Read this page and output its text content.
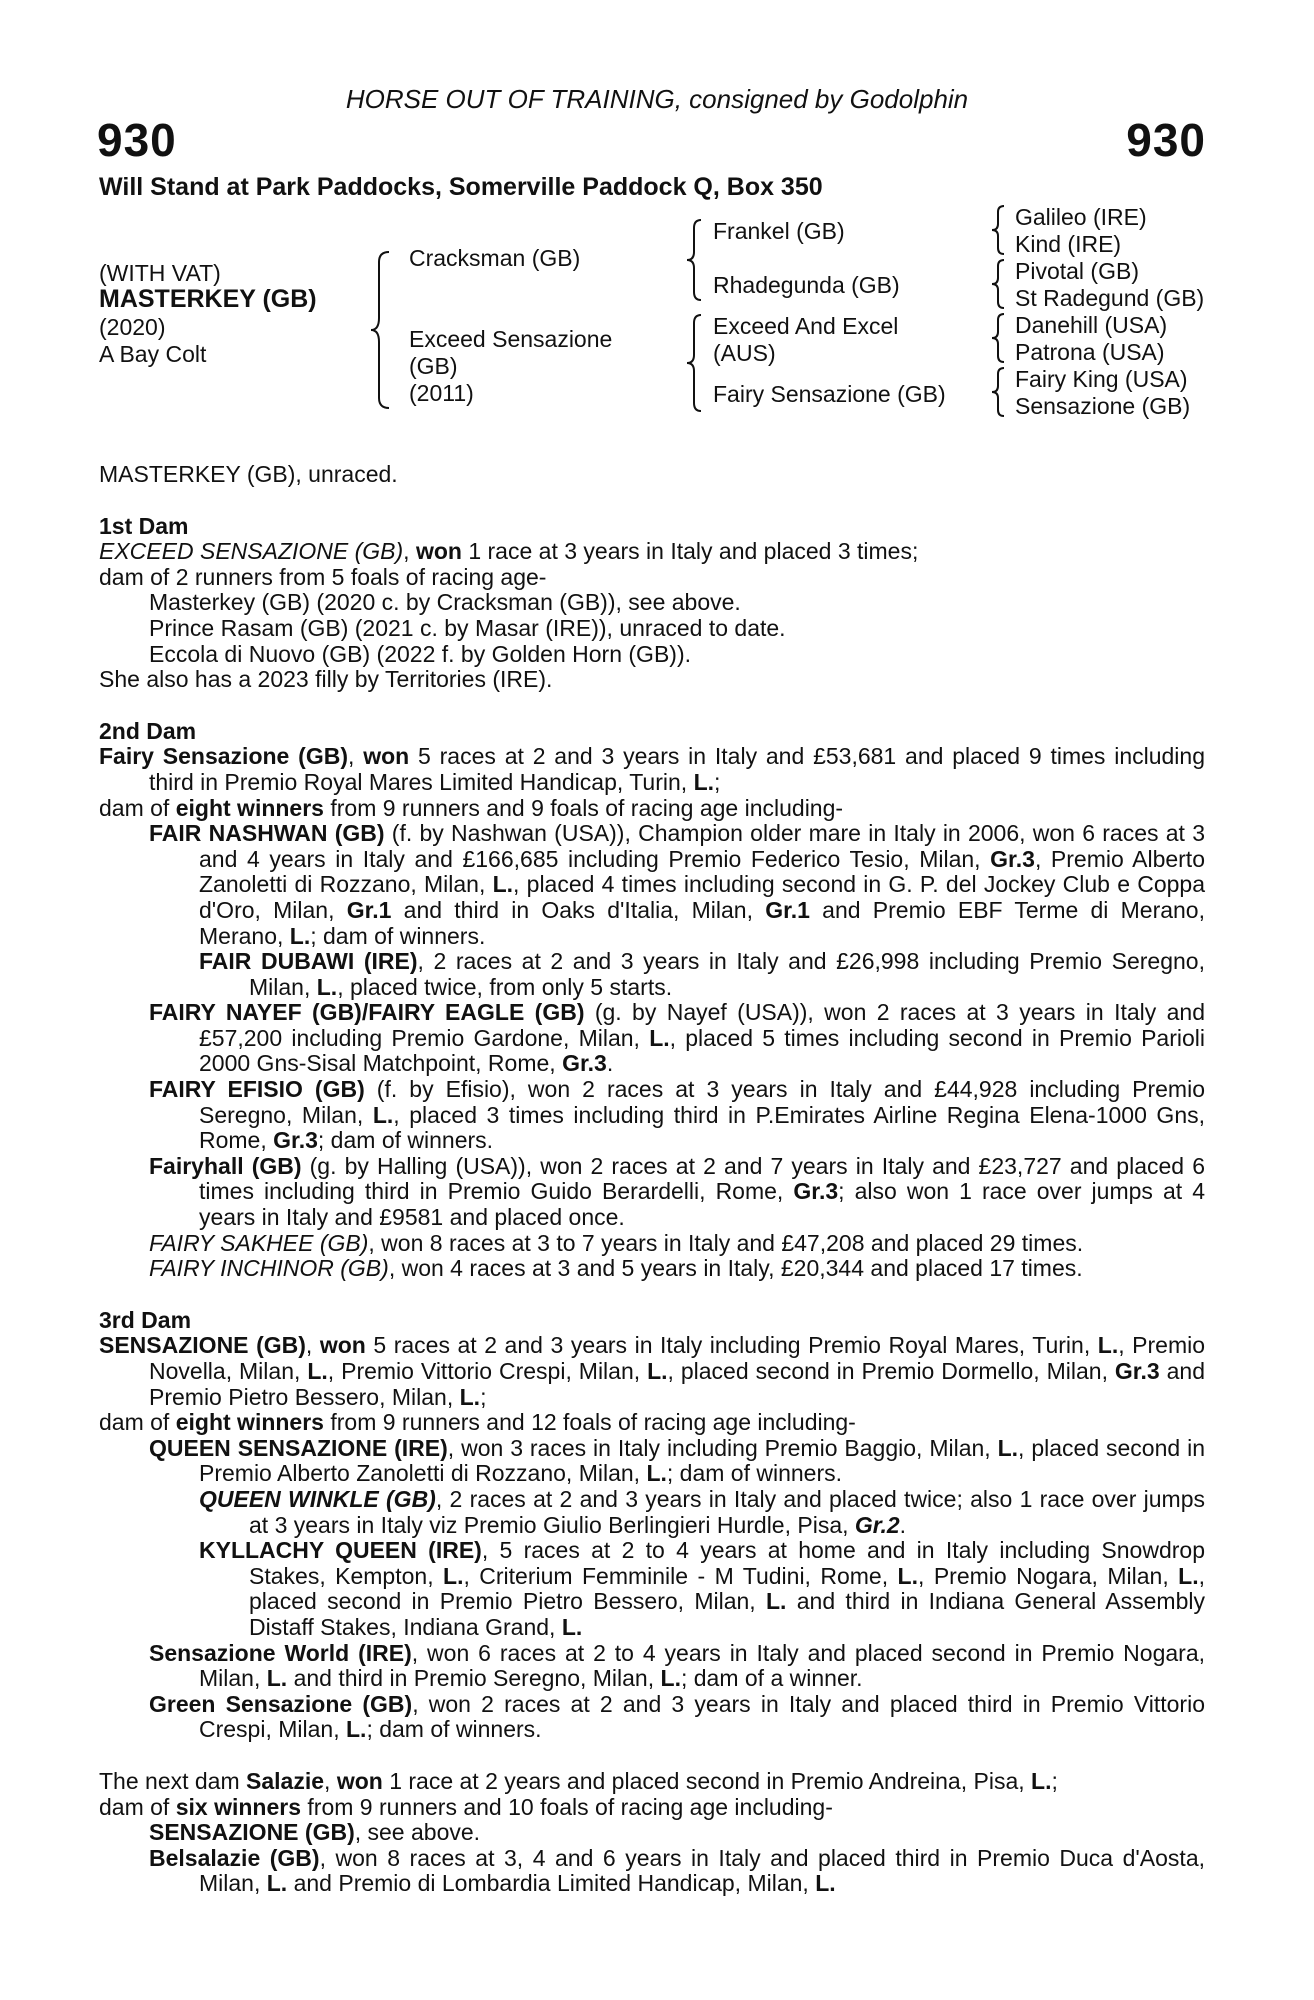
HORSE OUT OF TRAINING, consigned by Godolphin
930	930
Will Stand at Park Paddocks, Somerville Paddock Q, Box 350
(WITH VAT)
MASTERKEY (GB)
(2020)
A Bay Colt
Cracksman (GB)
Exceed Sensazione
(GB)
(2011)
Frankel (GB)
Rhadegunda (GB)
Exceed And Excel
(AUS)
Fairy Sensazione (GB)
Galileo (IRE)
Kind (IRE)
Pivotal (GB)
St Radegund (GB)
Danehill (USA)
Patrona (USA)
Fairy King (USA)
Sensazione (GB)

MASTERKEY (GB), unraced.

1st Dam

EXCEED SENSAZIONE (GB), won 1 race at 3 years in Italy and placed 3 times;

dam of 2 runners from 5 foals of racing age-

Masterkey (GB) (2020 c. by Cracksman (GB)), see above.

Prince Rasam (GB) (2021 c. by Masar (IRE)), unraced to date.

Eccola di Nuovo (GB) (2022 f. by Golden Horn (GB)).

She also has a 2023 filly by Territories (IRE).

2nd Dam

Fairy Sensazione (GB), won 5 races at 2 and 3 years in Italy and £53,681 and placed 9 times including third in Premio Royal Mares Limited Handicap, Turin, L.;

dam of eight winners from 9 runners and 9 foals of racing age including-

FAIR NASHWAN (GB) (f. by Nashwan (USA)), Champion older mare in Italy in 2006, won 6 races at 3 and 4 years in Italy and £166,685 including Premio Federico Tesio, Milan, Gr.3, Premio Alberto Zanoletti di Rozzano, Milan, L., placed 4 times including second in G. P. del Jockey Club e Coppa d'Oro, Milan, Gr.1 and third in Oaks d'Italia, Milan, Gr.1 and Premio EBF Terme di Merano, Merano, L.; dam of winners.

FAIR DUBAWI (IRE), 2 races at 2 and 3 years in Italy and £26,998 including Premio Seregno, Milan, L., placed twice, from only 5 starts.

FAIRY NAYEF (GB)/FAIRY EAGLE (GB) (g. by Nayef (USA)), won 2 races at 3 years in Italy and £57,200 including Premio Gardone, Milan, L., placed 5 times including second in Premio Parioli 2000 Gns-Sisal Matchpoint, Rome, Gr.3.

FAIRY EFISIO (GB) (f. by Efisio), won 2 races at 3 years in Italy and £44,928 including Premio Seregno, Milan, L., placed 3 times including third in P.Emirates Airline Regina Elena-1000 Gns, Rome, Gr.3; dam of winners.

Fairyhall (GB) (g. by Halling (USA)), won 2 races at 2 and 7 years in Italy and £23,727 and placed 6 times including third in Premio Guido Berardelli, Rome, Gr.3; also won 1 race over jumps at 4 years in Italy and £9581 and placed once.

FAIRY SAKHEE (GB), won 8 races at 3 to 7 years in Italy and £47,208 and placed 29 times.

FAIRY INCHINOR (GB), won 4 races at 3 and 5 years in Italy, £20,344 and placed 17 times.

3rd Dam

SENSAZIONE (GB), won 5 races at 2 and 3 years in Italy including Premio Royal Mares, Turin, L., Premio Novella, Milan, L., Premio Vittorio Crespi, Milan, L., placed second in Premio Dormello, Milan, Gr.3 and Premio Pietro Bessero, Milan, L.;

dam of eight winners from 9 runners and 12 foals of racing age including-

QUEEN SENSAZIONE (IRE), won 3 races in Italy including Premio Baggio, Milan, L., placed second in Premio Alberto Zanoletti di Rozzano, Milan, L.; dam of winners.

QUEEN WINKLE (GB), 2 races at 2 and 3 years in Italy and placed twice; also 1 race over jumps at 3 years in Italy viz Premio Giulio Berlingieri Hurdle, Pisa, Gr.2.

KYLLACHY QUEEN (IRE), 5 races at 2 to 4 years at home and in Italy including Snowdrop Stakes, Kempton, L., Criterium Femminile - M Tudini, Rome, L., Premio Nogara, Milan, L., placed second in Premio Pietro Bessero, Milan, L. and third in Indiana General Assembly Distaff Stakes, Indiana Grand, L.

Sensazione World (IRE), won 6 races at 2 to 4 years in Italy and placed second in Premio Nogara, Milan, L. and third in Premio Seregno, Milan, L.; dam of a winner.

Green Sensazione (GB), won 2 races at 2 and 3 years in Italy and placed third in Premio Vittorio Crespi, Milan, L.; dam of winners.

The next dam Salazie, won 1 race at 2 years and placed second in Premio Andreina, Pisa, L.;

dam of six winners from 9 runners and 10 foals of racing age including-

SENSAZIONE (GB), see above.

Belsalazie (GB), won 8 races at 3, 4 and 6 years in Italy and placed third in Premio Duca d'Aosta, Milan, L. and Premio di Lombardia Limited Handicap, Milan, L.
